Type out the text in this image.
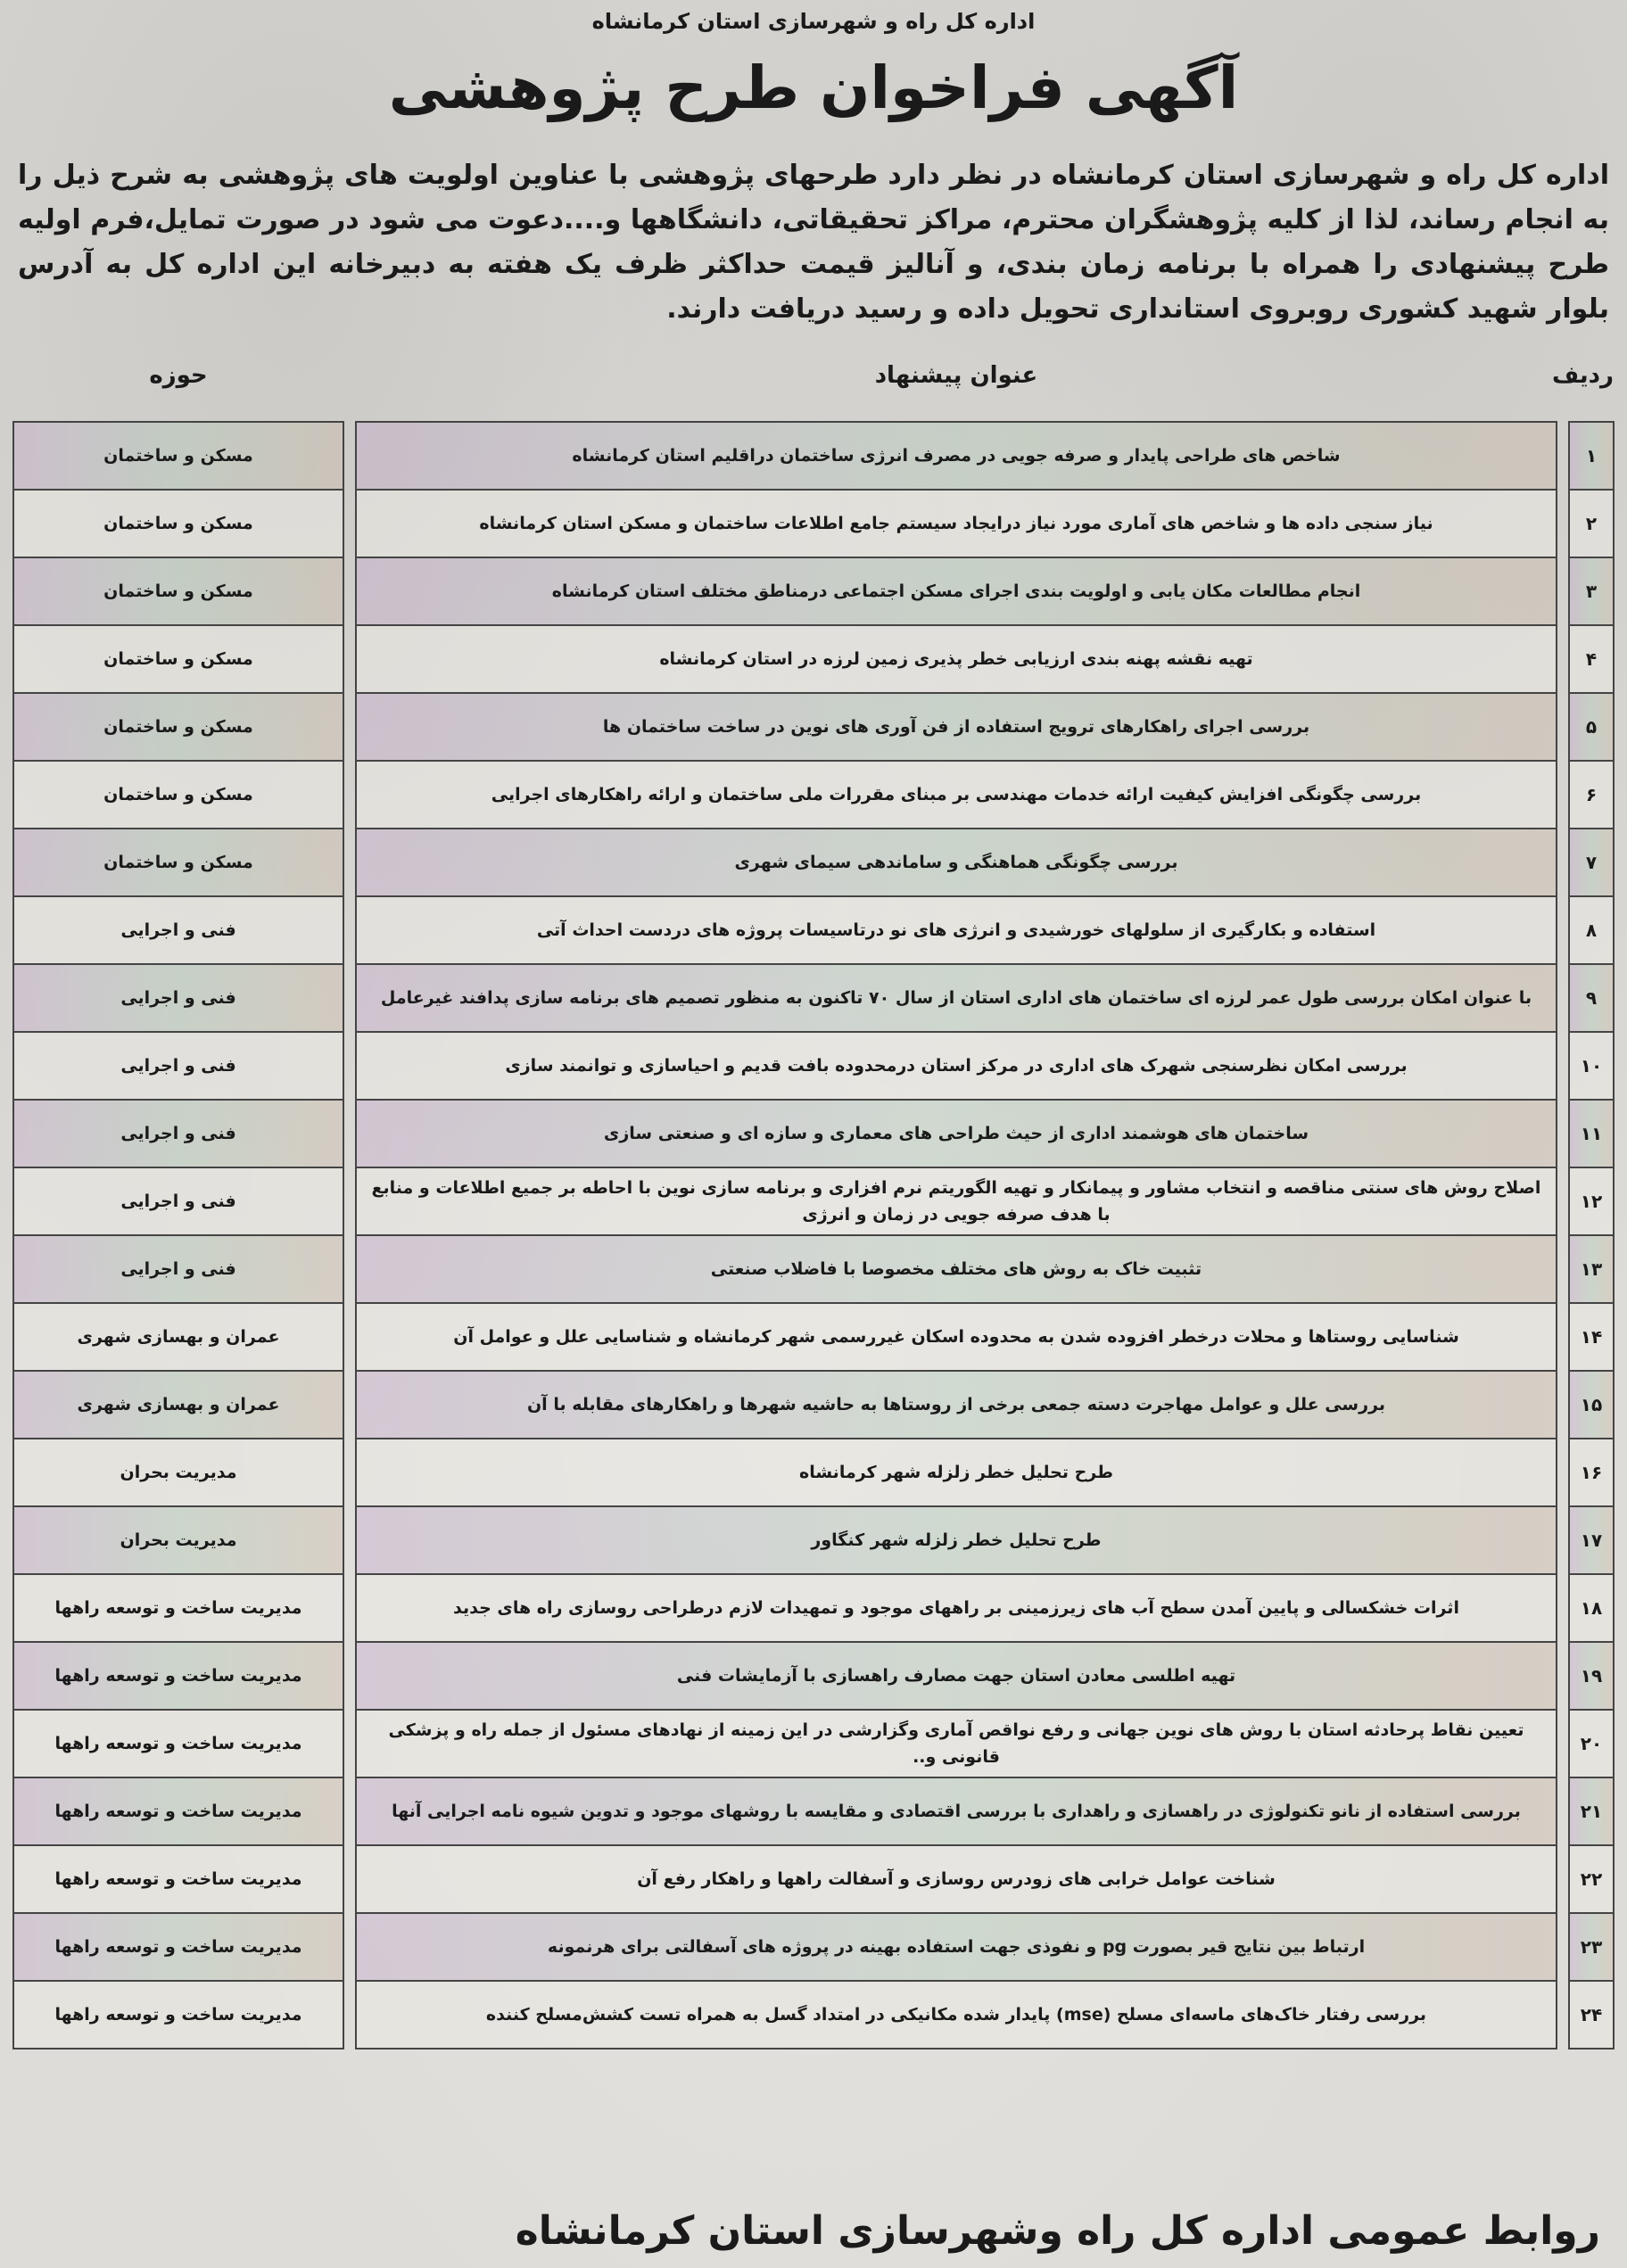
اداره کل راه و شهرسازی استان کرمانشاه
آگهی فراخوان طرح پژوهشی
اداره کل راه و شهرسازی استان کرمانشاه در نظر دارد طرحهای پژوهشی با عناوین اولویت های پژوهشی به شرح ذیل را به انجام رساند، لذا از کلیه پژوهشگران محترم، مراکز تحقیقاتی، دانشگاهها و....دعوت می شود در صورت تمایل،فرم اولیه طرح پیشنهادی را همراه با برنامه زمان بندی، و آنالیز قیمت حداکثر ظرف یک هفته به دبیرخانه این اداره کل به آدرس بلوار شهید کشوری روبروی استانداری تحویل داده و رسید دریافت دارند.
ردیف		عنوان پیشنهاد		حوزه
۱		شاخص های طراحی پایدار و صرفه جویی در مصرف انرژی ساختمان دراقلیم استان کرمانشاه		مسکن و ساختمان
۲		نیاز سنجی داده ها و شاخص های آماری مورد نیاز درایجاد سیستم جامع اطلاعات ساختمان و مسکن استان کرمانشاه		مسکن و ساختمان
۳		انجام مطالعات مکان یابی و اولویت بندی اجرای مسکن اجتماعی درمناطق مختلف استان کرمانشاه		مسکن و ساختمان
۴		تهیه نقشه پهنه بندی ارزیابی خطر پذیری زمین لرزه در استان کرمانشاه		مسکن و ساختمان
۵		بررسی اجرای راهکارهای ترویج استفاده از فن آوری های نوین در ساخت ساختمان ها		مسکن و ساختمان
۶		بررسی چگونگی افزایش کیفیت ارائه خدمات مهندسی بر مبنای مقررات ملی ساختمان و ارائه راهکارهای اجرایی		مسکن و ساختمان
۷		بررسی چگونگی هماهنگی و ساماندهی سیمای شهری		مسکن و ساختمان
۸		استفاده و بکارگیری از سلولهای خورشیدی و انرژی های نو درتاسیسات پروژه های دردست احداث آتی		فنی و اجرایی
۹		با عنوان امکان بررسی طول عمر لرزه ای ساختمان های اداری استان از سال ۷۰ تاکنون به منظور تصمیم های برنامه سازی پدافند غیرعامل		فنی و اجرایی
۱۰		بررسی امکان نظرسنجی شهرک های اداری در مرکز استان درمحدوده بافت قدیم و احیاسازی و توانمند سازی		فنی و اجرایی
۱۱		ساختمان های هوشمند اداری از حیث طراحی های معماری و سازه ای و صنعتی سازی		فنی و اجرایی
۱۲		اصلاح روش های سنتی مناقصه و انتخاب مشاور و پیمانکار و تهیه الگوریتم نرم افزاری و برنامه سازی نوین با احاطه بر جمیع اطلاعات و منابع با هدف صرفه جویی در زمان و انرژی		فنی و اجرایی
۱۳		تثبیت خاک به روش های مختلف مخصوصا با فاضلاب صنعتی		فنی و اجرایی
۱۴		شناسایی روستاها و محلات درخطر افزوده شدن به محدوده اسکان غیررسمی شهر کرمانشاه و شناسایی علل و عوامل آن		عمران و بهسازی شهری
۱۵		بررسی علل و عوامل مهاجرت دسته جمعی برخی از روستاها به حاشیه شهرها و راهکارهای مقابله با آن		عمران و بهسازی شهری
۱۶		طرح تحلیل خطر زلزله شهر کرمانشاه		مدیریت بحران
۱۷		طرح تحلیل خطر زلزله شهر کنگاور		مدیریت بحران
۱۸		اثرات خشکسالی و پایین آمدن سطح آب های زیرزمینی بر راههای موجود و تمهیدات لازم درطراحی روسازی راه های جدید		مدیریت ساخت و توسعه راهها
۱۹		تهیه اطلسی معادن استان جهت مصارف راهسازی با آزمایشات فنی		مدیریت ساخت و توسعه راهها
۲۰		تعیین نقاط پرحادثه استان با روش های نوین جهانی و رفع نواقص آماری وگزارشی در این زمینه از نهادهای مسئول از جمله راه و پزشکی قانونی و..		مدیریت ساخت و توسعه راهها
۲۱		بررسی استفاده از نانو تکنولوژی در راهسازی و راهداری با بررسی اقتصادی و مقایسه با روشهای موجود و تدوین شیوه نامه اجرایی آنها		مدیریت ساخت و توسعه راهها
۲۲		شناخت عوامل خرابی های زودرس روسازی و آسفالت راهها و راهکار رفع آن		مدیریت ساخت و توسعه راهها
۲۳		ارتباط بین نتایج قیر بصورت pg و نفوذی جهت استفاده بهینه در پروژه های آسفالتی برای هرنمونه		مدیریت ساخت و توسعه راهها
۲۴		بررسی رفتار خاک‌های ماسه‌ای مسلح (mse) پایدار شده مکانیکی در امتداد گسل به همراه تست کشش‌مسلح کننده		مدیریت ساخت و توسعه راهها
روابط عمومی اداره کل راه وشهرسازی استان کرمانشاه
